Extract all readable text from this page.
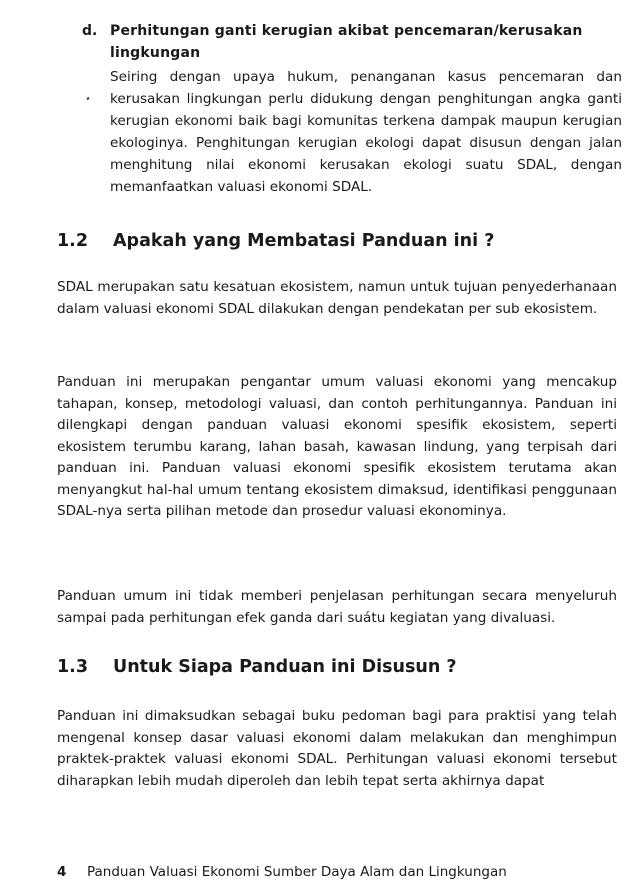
d. Perhitungan ganti kerugian akibat pencemaran/kerusakan lingkungan
Seiring dengan upaya hukum, penanganan kasus pencemaran dan kerusakan lingkungan perlu didukung dengan penghitungan angka ganti kerugian ekonomi baik bagi komunitas terkena dampak maupun kerugian ekologinya. Penghitungan kerugian ekologi dapat disusun dengan jalan menghitung nilai ekonomi kerusakan ekologi suatu SDAL, dengan memanfaatkan valuasi ekonomi SDAL.
1.2 Apakah yang Membatasi Panduan ini ?
SDAL merupakan satu kesatuan ekosistem, namun untuk tujuan penyederhanaan dalam valuasi ekonomi SDAL dilakukan dengan pendekatan per sub ekosistem.
Panduan ini merupakan pengantar umum valuasi ekonomi yang mencakup tahapan, konsep, metodologi valuasi, dan contoh perhitungannya. Panduan ini dilengkapi dengan panduan valuasi ekonomi spesifik ekosistem, seperti ekosistem terumbu karang, lahan basah, kawasan lindung, yang terpisah dari panduan ini. Panduan valuasi ekonomi spesifik ekosistem terutama akan menyangkut hal-hal umum tentang ekosistem dimaksud, identifikasi penggunaan SDAL-nya serta pilihan metode dan prosedur valuasi ekonominya.
Panduan umum ini tidak memberi penjelasan perhitungan secara menyeluruh sampai pada perhitungan efek ganda dari suátu kegiatan yang divaluasi.
1.3 Untuk Siapa Panduan ini Disusun ?
Panduan ini dimaksudkan sebagai buku pedoman bagi para praktisi yang telah mengenal konsep dasar valuasi ekonomi dalam melakukan dan menghimpun praktek-praktek valuasi ekonomi SDAL. Perhitungan valuasi ekonomi tersebut diharapkan lebih mudah diperoleh dan lebih tepat serta akhirnya dapat
4 Panduan Valuasi Ekonomi Sumber Daya Alam dan Lingkungan
